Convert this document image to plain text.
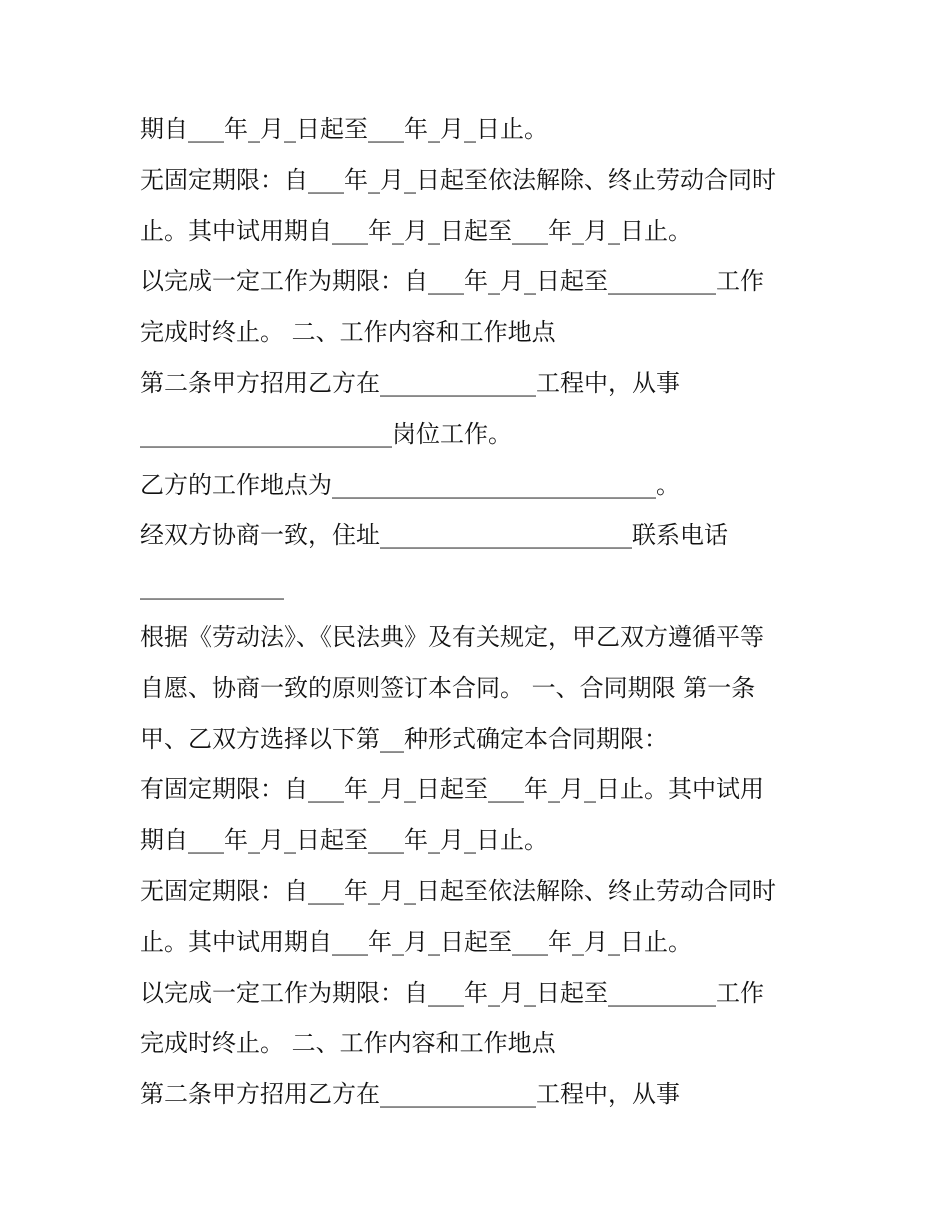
期自___年_月_日起至___年_月_日止。
无固定期限：自___年_月_日起至依法解除、终止劳动合同时
止。其中试用期自___年_月_日起至___年_月_日止。
以完成一定工作为期限：自___年_月_日起至_________工作
完成时终止。 二、工作内容和工作地点
第二条甲方招用乙方在_____________工程中，从事
_____________________岗位工作。
乙方的工作地点为___________________________。
经双方协商一致，住址_____________________联系电话
____________
根据《劳动法》、《民法典》及有关规定，甲乙双方遵循平等
自愿、协商一致的原则签订本合同。 一、合同期限 第一条
甲、乙双方选择以下第__种形式确定本合同期限：
有固定期限：自___年_月_日起至___年_月_日止。其中试用
期自___年_月_日起至___年_月_日止。
无固定期限：自___年_月_日起至依法解除、终止劳动合同时
止。其中试用期自___年_月_日起至___年_月_日止。
以完成一定工作为期限：自___年_月_日起至_________工作
完成时终止。 二、工作内容和工作地点
第二条甲方招用乙方在_____________工程中，从事
